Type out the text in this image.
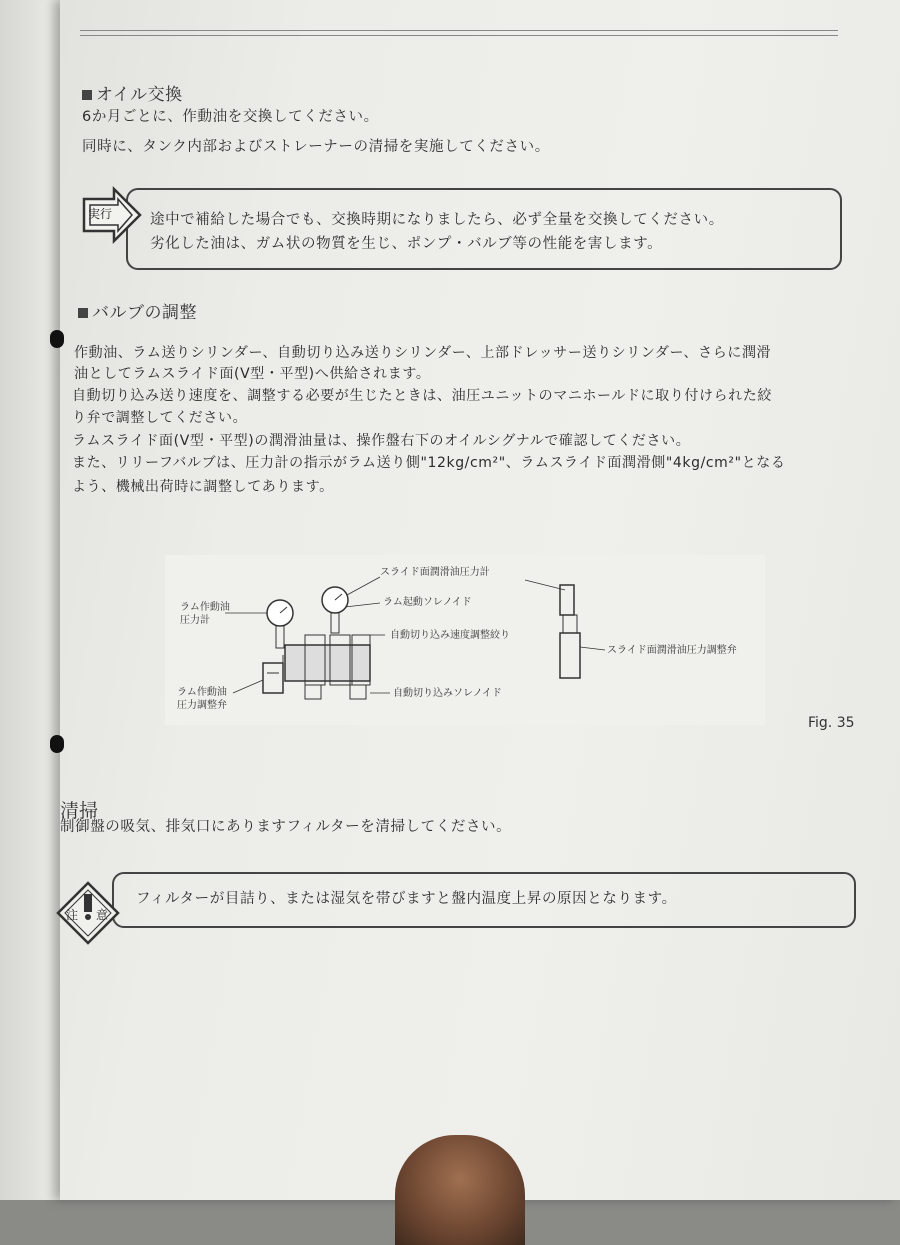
オイル交換
6か月ごとに、作動油を交換してください。
同時に、タンク内部およびストレーナーの清掃を実施してください。
実行	途中で補給した場合でも、交換時期になりましたら、必ず全量を交換してください。
劣化した油は、ガム状の物質を生じ、ポンプ・バルブ等の性能を害します。
バルブの調整
作動油、ラム送りシリンダー、自動切り込み送りシリンダー、上部ドレッサー送りシリンダー、さらに潤滑
油としてラムスライド面(V型・平型)へ供給されます。
自動切り込み送り速度を、調整する必要が生じたときは、油圧ユニットのマニホールドに取り付けられた絞
り弁で調整してください。
ラムスライド面(V型・平型)の潤滑油量は、操作盤右下のオイルシグナルで確認してください。
また、リリーフバルブは、圧力計の指示がラム送り側"12kg/cm²"、ラムスライド面潤滑側"4kg/cm²"となる
よう、機械出荷時に調整してあります。
ラム作動油
圧力計
ラム作動油
圧力調整弁
スライド面潤滑油圧力計
ラム起動ソレノイド
自動切り込み速度調整絞り
自動切り込みソレノイド
スライド面潤滑油圧力調整弁
Fig. 35
清掃
制御盤の吸気、排気口にありますフィルターを清掃してください。
注 意
フィルターが目詰り、または湿気を帯びますと盤内温度上昇の原因となります。
